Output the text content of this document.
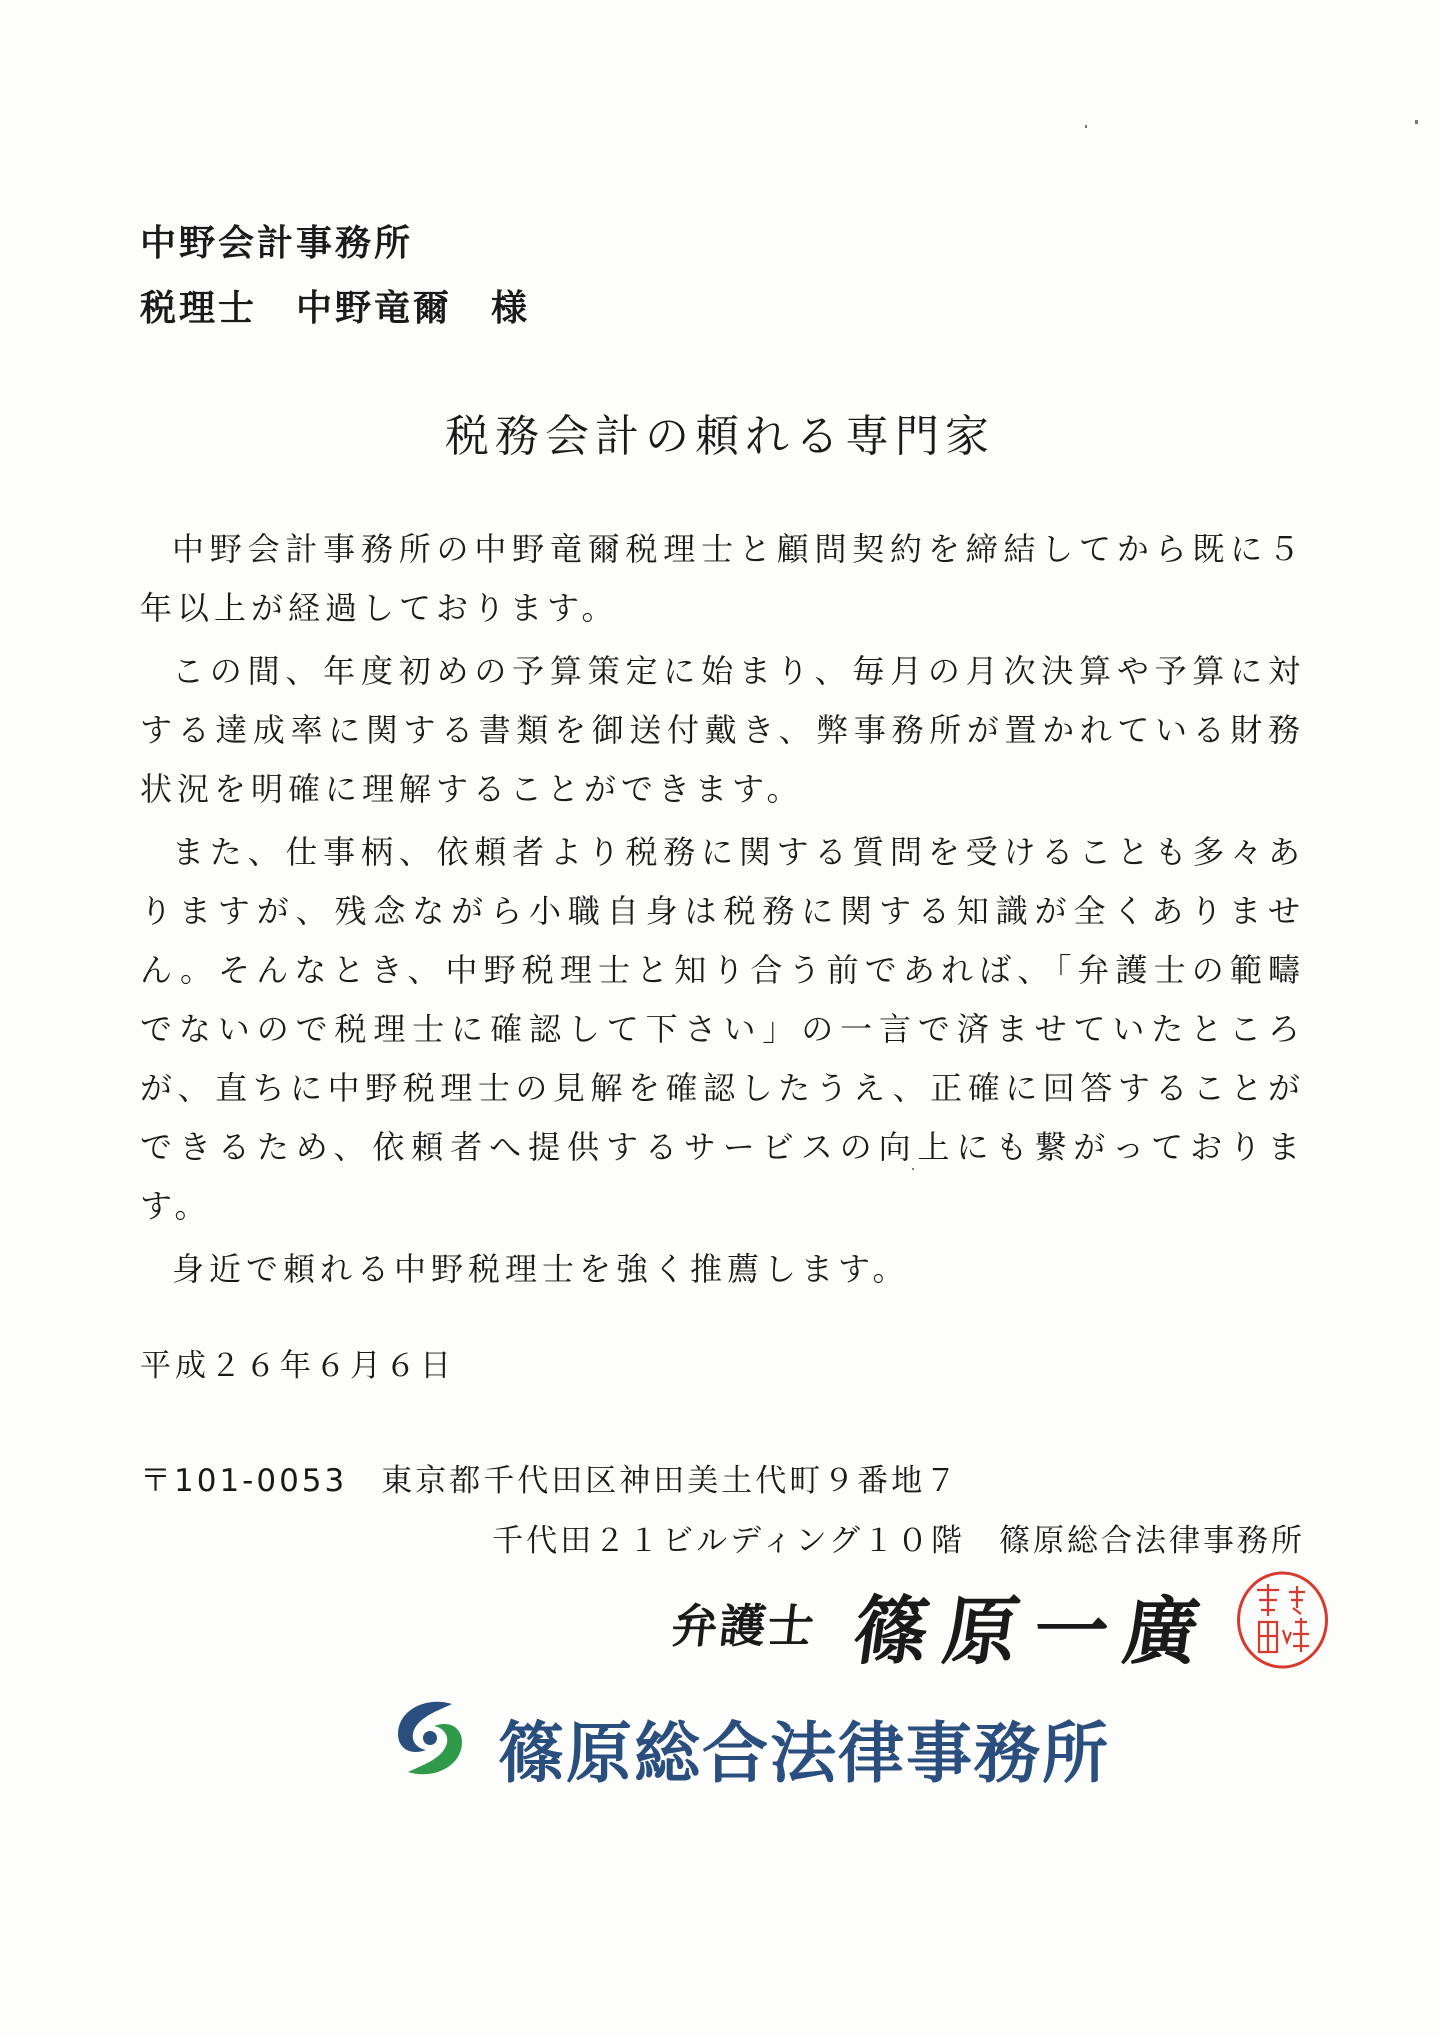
中野会計事務所
税理士　中野竜爾　様
税務会計の頼れる専門家

中野会計事務所の中野竜爾税理士と顧問契約を締結してから既に５年以上が経過しております。

この間、年度初めの予算策定に始まり、毎月の月次決算や予算に対する達成率に関する書類を御送付戴き、弊事務所が置かれている財務状況を明確に理解することができます。

また、仕事柄、依頼者より税務に関する質問を受けることも多々ありますが、残念ながら小職自身は税務に関する知識が全くありません。そんなとき、中野税理士と知り合う前であれば、「弁護士の範疇でないので税理士に確認して下さい」の一言で済ませていたところが、直ちに中野税理士の見解を確認したうえ、正確に回答することができるため、依頼者へ提供するサービスの向上にも繋がっております。

身近で頼れる中野税理士を強く推薦します。

平成２６年６月６日
〒101-0053　東京都千代田区神田美土代町９番地７
千代田２１ビルディング１０階　篠原総合法律事務所
弁護士 篠原一廣
篠原総合法律事務所
